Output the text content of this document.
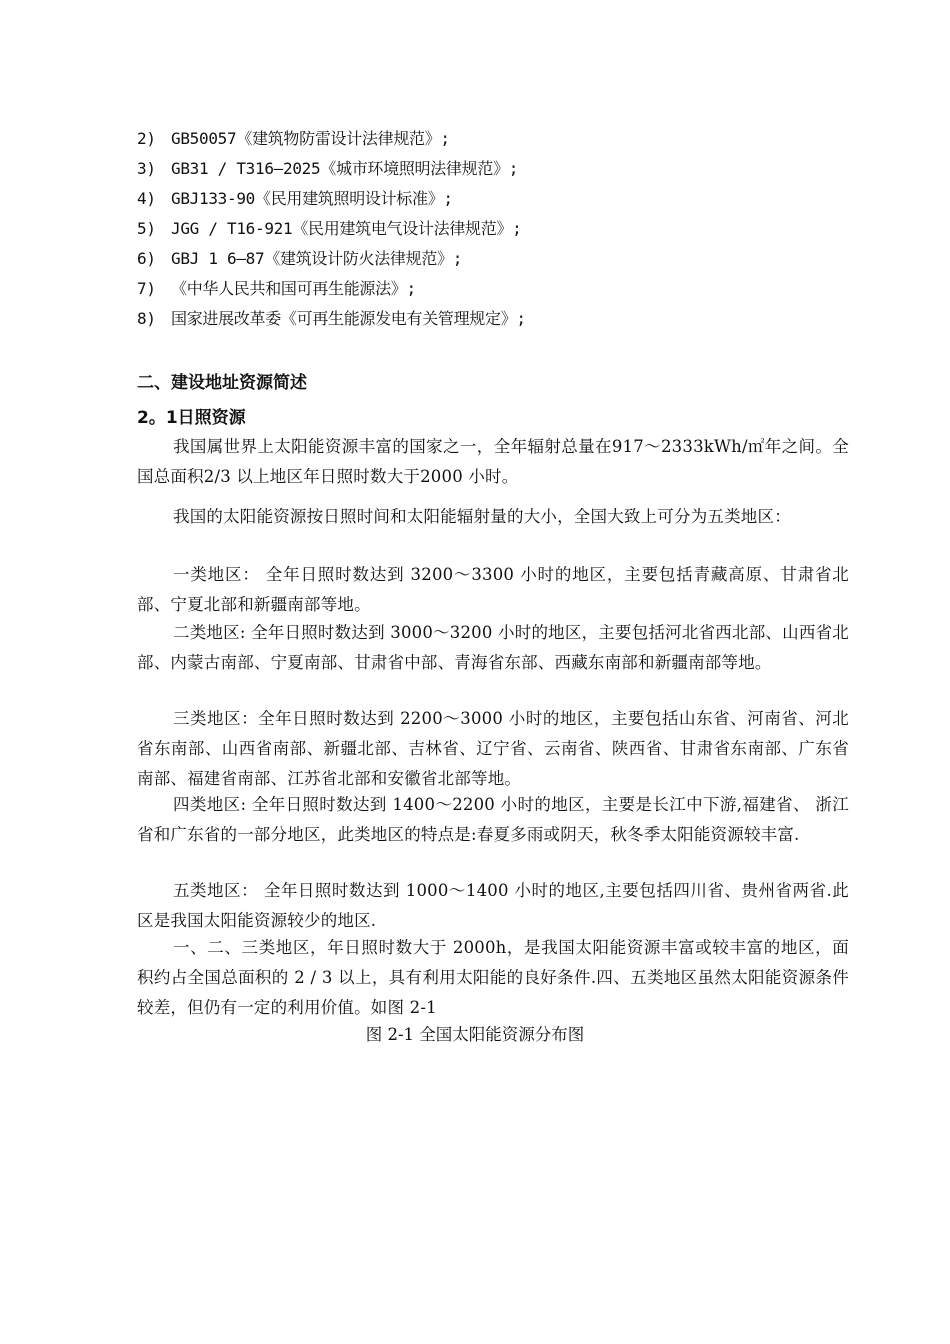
2) GB50057《建筑物防雷设计法律规范》;
3) GB31 / T316—2025《城市环境照明法律规范》;
4) GBJ133-90《民用建筑照明设计标准》;
5) JGG / T16-921《民用建筑电气设计法律规范》;
6) GBJ 1 6—87《建筑设计防火法律规范》;
7) 《中华人民共和国可再生能源法》;
8) 国家进展改革委《可再生能源发电有关管理规定》;
二、建设地址资源简述
2。1日照资源
我国属世界上太阳能资源丰富的国家之一，全年辐射总量在917～2333kWh/㎡年之间。全国总面积2/3 以上地区年日照时数大于2000 小时。
我国的太阳能资源按日照时间和太阳能辐射量的大小，全国大致上可分为五类地区：
一类地区： 全年日照时数达到 3200～3300 小时的地区，主要包括青藏高原、甘肃省北部、宁夏北部和新疆南部等地。
二类地区: 全年日照时数达到 3000～3200 小时的地区，主要包括河北省西北部、山西省北部、内蒙古南部、宁夏南部、甘肃省中部、青海省东部、西藏东南部和新疆南部等地。
三类地区：全年日照时数达到 2200～3000 小时的地区，主要包括山东省、河南省、河北省东南部、山西省南部、新疆北部、吉林省、辽宁省、云南省、陕西省、甘肃省东南部、广东省南部、福建省南部、江苏省北部和安徽省北部等地。
四类地区: 全年日照时数达到 1400～2200 小时的地区，主要是长江中下游,福建省、 浙江省和广东省的一部分地区，此类地区的特点是:春夏多雨或阴天，秋冬季太阳能资源较丰富.
五类地区： 全年日照时数达到 1000～1400 小时的地区,主要包括四川省、贵州省两省.此区是我国太阳能资源较少的地区.
一、二、三类地区，年日照时数大于 2000h，是我国太阳能资源丰富或较丰富的地区，面积约占全国总面积的 2 / 3 以上，具有利用太阳能的良好条件.四、五类地区虽然太阳能资源条件较差，但仍有一定的利用价值。如图 2-1
图 2-1 全国太阳能资源分布图
